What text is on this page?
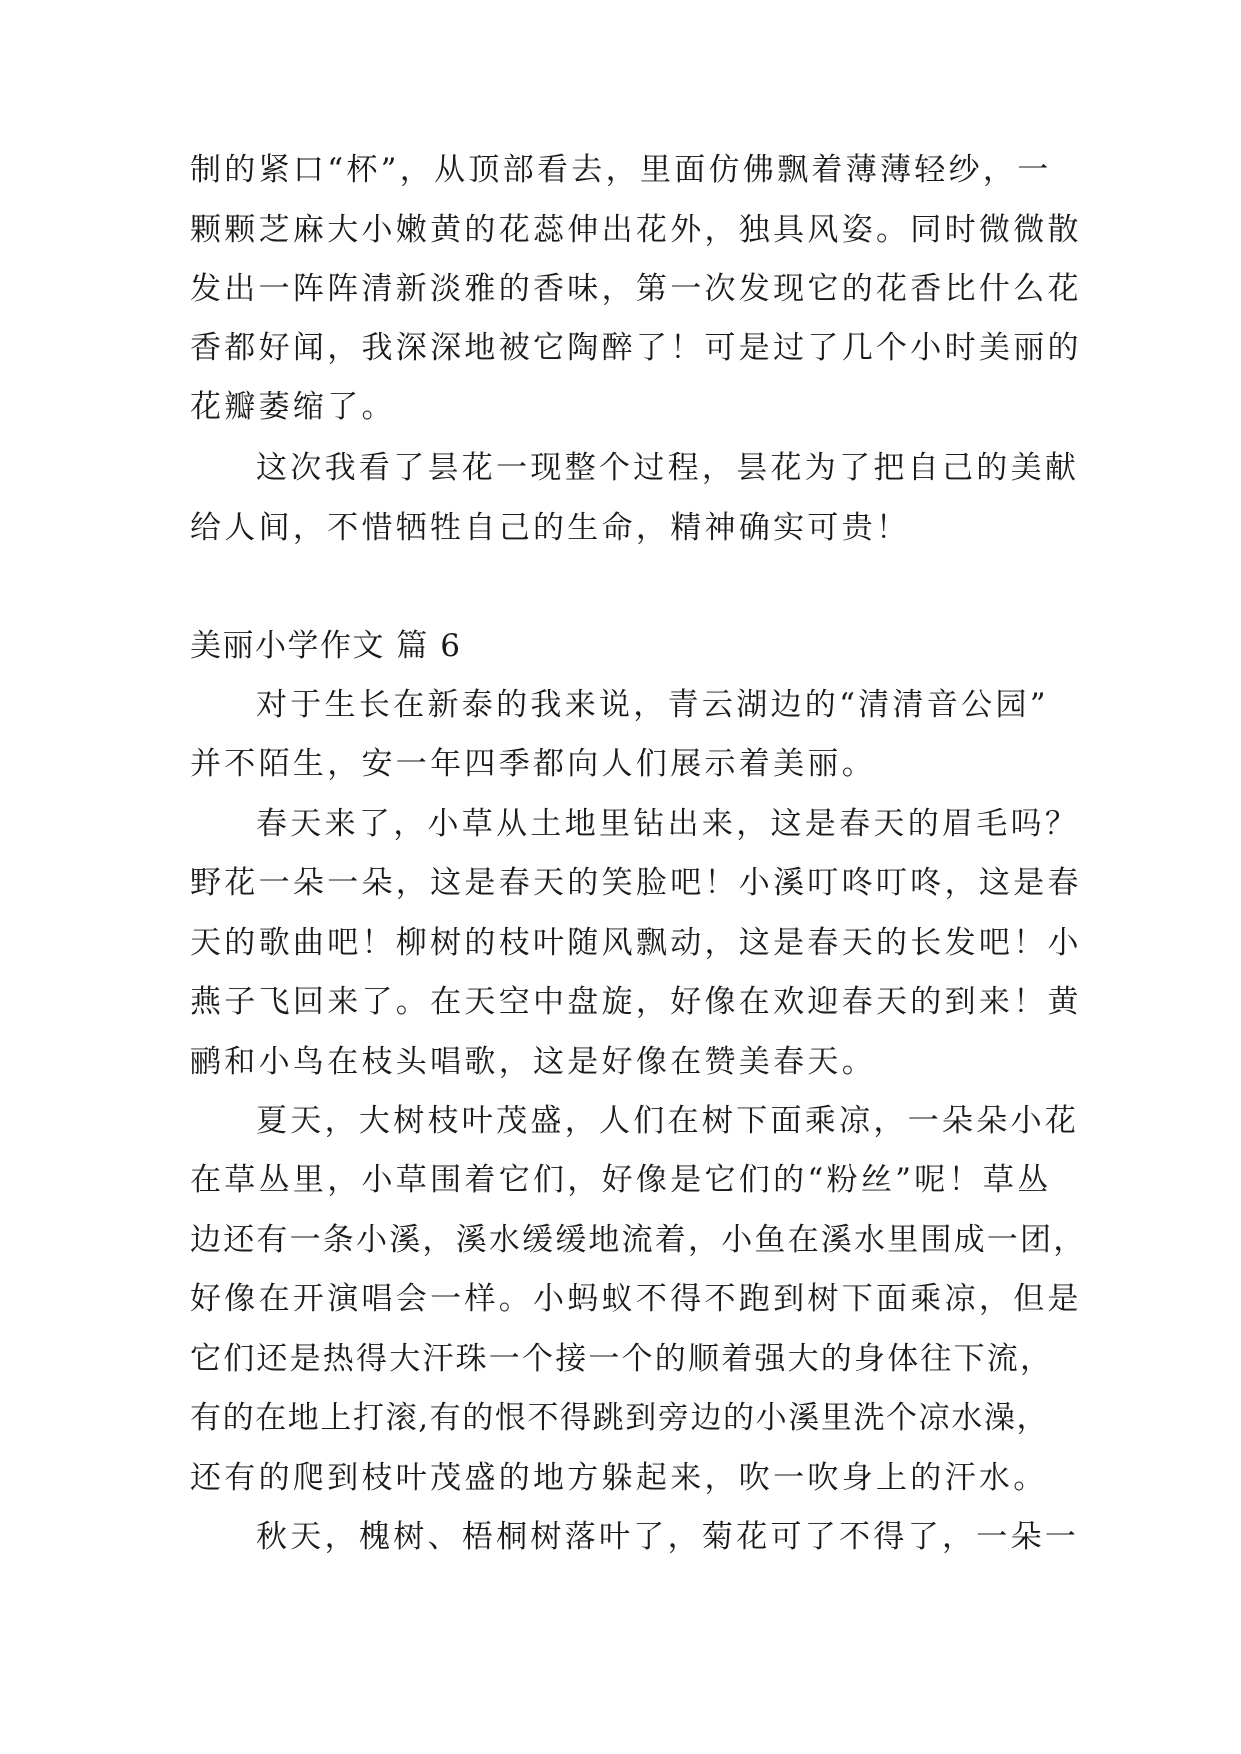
制的紧口“杯”，从顶部看去，里面仿佛飘着薄薄轻纱，一
颗颗芝麻大小嫩黄的花蕊伸出花外，独具风姿。同时微微散
发出一阵阵清新淡雅的香味，第一次发现它的花香比什么花
香都好闻，我深深地被它陶醉了！可是过了几个小时美丽的
花瓣萎缩了。
这次我看了昙花一现整个过程，昙花为了把自己的美献
给人间，不惜牺牲自己的生命，精神确实可贵！
美丽小学作文 篇 6
对于生长在新泰的我来说，青云湖边的“清清音公园”
并不陌生，安一年四季都向人们展示着美丽。
春天来了，小草从土地里钻出来，这是春天的眉毛吗？
野花一朵一朵，这是春天的笑脸吧！小溪叮咚叮咚，这是春
天的歌曲吧！柳树的枝叶随风飘动，这是春天的长发吧！小
燕子飞回来了。在天空中盘旋，好像在欢迎春天的到来！黄
鹂和小鸟在枝头唱歌，这是好像在赞美春天。
夏天，大树枝叶茂盛，人们在树下面乘凉，一朵朵小花
在草丛里，小草围着它们，好像是它们的“粉丝”呢！草丛
边还有一条小溪，溪水缓缓地流着，小鱼在溪水里围成一团，
好像在开演唱会一样。小蚂蚁不得不跑到树下面乘凉，但是
它们还是热得大汗珠一个接一个的顺着强大的身体往下流，
有的在地上打滚,有的恨不得跳到旁边的小溪里洗个凉水澡，
还有的爬到枝叶茂盛的地方躲起来，吹一吹身上的汗水。
秋天，槐树、梧桐树落叶了，菊花可了不得了，一朵一
